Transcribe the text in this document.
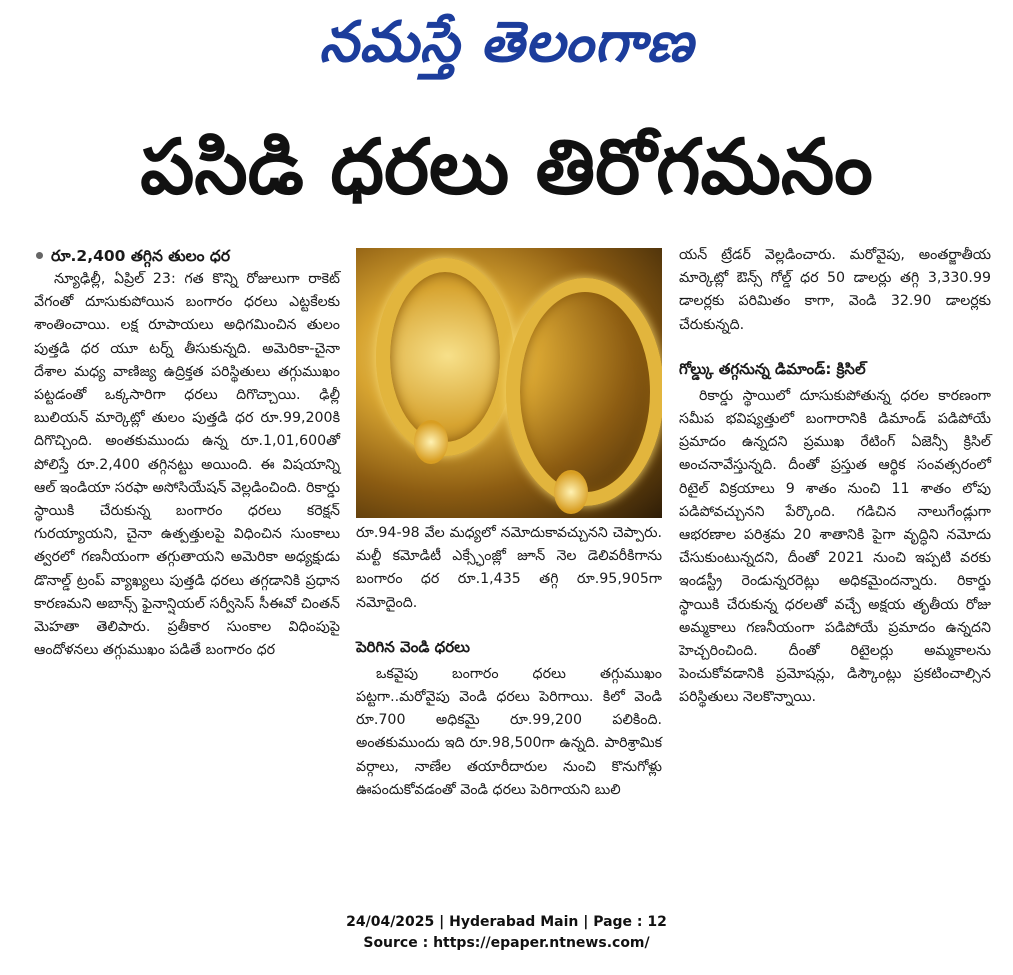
నమస్తే తెలంగాణ
పసిడి ధరలు తిరోగమనం
రూ.2,400 తగ్గిన తులం ధర

న్యూఢిల్లీ, ఏప్రిల్ 23: గత కొన్ని రోజులుగా రాకెట్ వేగంతో దూసుకుపోయిన బంగారం ధరలు ఎట్టకేలకు శాంతించాయి. లక్ష రూపాయలు అధిగమించిన తులం పుత్తడి ధర యూ టర్న్ తీసుకున్నది. అమెరికా-చైనా దేశాల మధ్య వాణిజ్య ఉద్రిక్తత పరిస్థితులు తగ్గుముఖం పట్టడంతో ఒక్కసారిగా ధరలు దిగొచ్చాయి. ఢిల్లీ బులియన్ మార్కెట్లో తులం పుత్తడి ధర రూ.99,200కి దిగొచ్చింది. అంతకుముందు ఉన్న రూ.1,01,600తో పోలిస్తే రూ.2,400 తగ్గినట్టు అయింది. ఈ విషయాన్ని ఆల్ ఇండియా సరఫా అసోసియేషన్ వెల్లడించింది. రికార్డు స్థాయికి చేరుకున్న బంగారం ధరలు కరెక్షన్ గురయ్యాయని, చైనా ఉత్పత్తులపై విధించిన సుంకాలు త్వరలో గణనీయంగా తగ్గుతాయని అమెరికా అధ్యక్షుడు డొనాల్డ్ ట్రంప్ వ్యాఖ్యలు పుత్తడి ధరలు తగ్గడానికి ప్రధాన కారణమని అబాన్స్ ఫైనాన్షియల్ సర్వీసెస్ సీఈవో చింతన్ మెహతా తెలిపారు. ప్రతీకార సుంకాల విధింపుపై ఆందోళనలు తగ్గుముఖం పడితే బంగారం ధర

రూ.94-98 వేల మధ్యలో నమోదుకావచ్చునని చెప్పారు. మల్టీ కమోడిటీ ఎక్స్ఛేంజ్లో జూన్ నెల డెలివరీకిగాను బంగారం ధర రూ.1,435 తగ్గి రూ.95,905గా నమోదైంది.

పెరిగిన వెండి ధరలు

ఒకవైపు బంగారం ధరలు తగ్గుముఖం పట్టగా..మరోవైపు వెండి ధరలు పెరిగాయి. కిలో వెండి రూ.700 అధికమై రూ.99,200 పలికింది. అంతకుముందు ఇది రూ.98,500గా ఉన్నది. పారిశ్రామిక వర్గాలు, నాణేల తయారీదారుల నుంచి కొనుగోళ్లు ఊపందుకోవడంతో వెండి ధరలు పెరిగాయని బులి

యన్ ట్రేడర్ వెల్లడించారు. మరోవైపు, అంతర్జాతీయ మార్కెట్లో ఔన్స్ గోల్డ్ ధర 50 డాలర్లు తగ్గి 3,330.99 డాలర్లకు పరిమితం కాగా, వెండి 32.90 డాలర్లకు చేరుకున్నది.

గోల్డ్కు తగ్గనున్న డిమాండ్: క్రిసిల్

రికార్డు స్థాయిలో దూసుకుపోతున్న ధరల కారణంగా సమీప భవిష్యత్తులో బంగారానికి డిమాండ్ పడిపోయే ప్రమాదం ఉన్నదని ప్రముఖ రేటింగ్ ఏజెన్సీ క్రిసిల్ అంచనావేస్తున్నది. దీంతో ప్రస్తుత ఆర్థిక సంవత్సరంలో రిటైల్ విక్రయాలు 9 శాతం నుంచి 11 శాతం లోపు పడిపోవచ్చునని పేర్కొంది. గడిచిన నాలుగేండ్లుగా ఆభరణాల పరిశ్రమ 20 శాతానికి పైగా వృద్ధిని నమోదు చేసుకుంటున్నదని, దీంతో 2021 నుంచి ఇప్పటి వరకు ఇండస్ట్రీ రెండున్నరరెట్లు అధికమైందన్నారు. రికార్డు స్థాయికి చేరుకున్న ధరలతో వచ్చే అక్షయ తృతీయ రోజు అమ్మకాలు గణనీయంగా పడిపోయే ప్రమాదం ఉన్నదని హెచ్చరించింది. దీంతో రిటైలర్లు అమ్మకాలను పెంచుకోవడానికి ప్రమోషన్లు, డిస్కౌంట్లు ప్రకటించాల్సిన పరిస్థితులు నెలకొన్నాయి.

24/04/2025 | Hyderabad Main | Page : 12
Source : https://epaper.ntnews.com/
